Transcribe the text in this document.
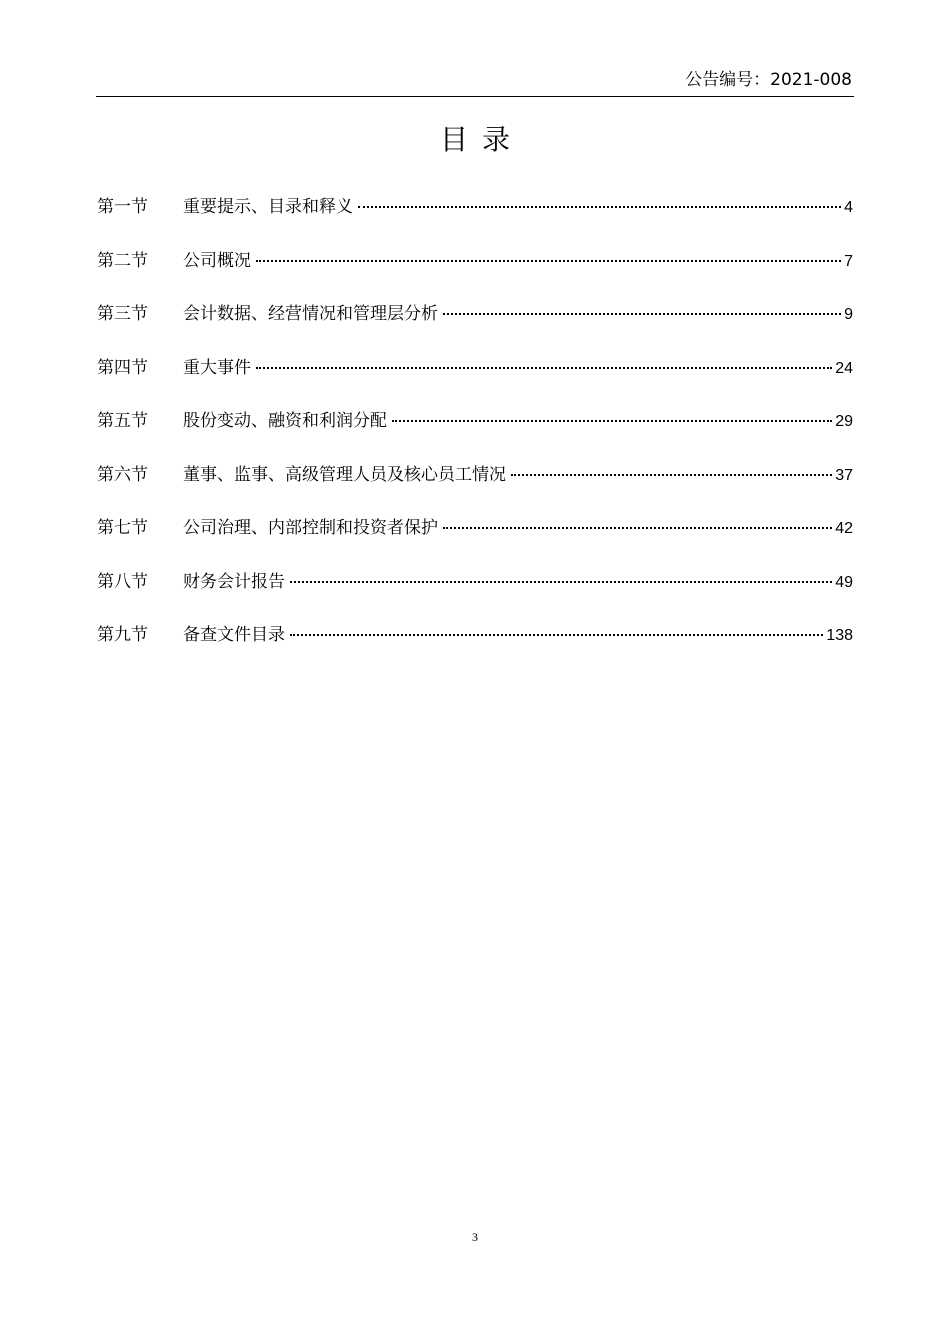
公告编号：2021-008
目录
第一节	重要提示、目录和释义	4
第二节	公司概况	7
第三节	会计数据、经营情况和管理层分析	9
第四节	重大事件	24
第五节	股份变动、融资和利润分配	29
第六节	董事、监事、高级管理人员及核心员工情况	37
第七节	公司治理、内部控制和投资者保护	42
第八节	财务会计报告	49
第九节	备查文件目录	138
3
